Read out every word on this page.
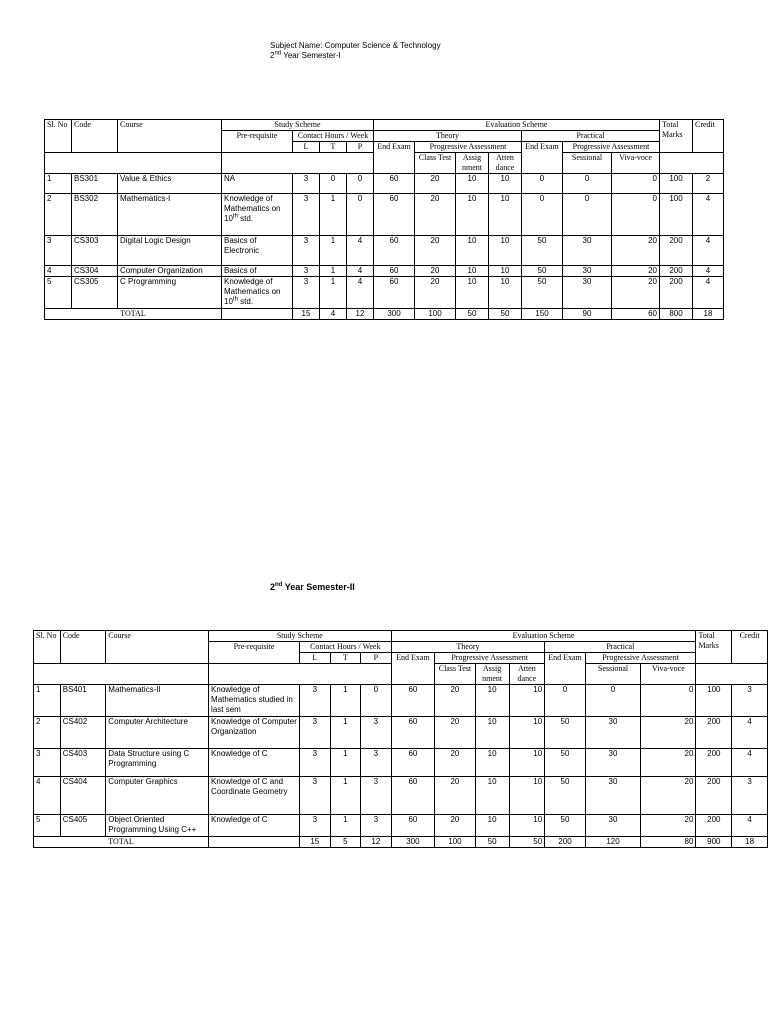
Subject Name: Computer Science & Technology
2nd Year Semester-I
2nd Year Semester-II
Sl. No	Code	Course	Study Scheme				Evaluation Scheme							Total Marks	Credit
			Pre-requisite	Contact Hours / Week			Theory				Practical				
				L	T	P	End Exam	Progressive Assessment			End Exam	Progressive Assessment			
								Class Test	Assig nment	Atten dance		Sessional	Viva-voce		
1	BS301	Value & Ethics	NA	3	0	0	60	20	10	10	0	0	0	100	2
2	BS302	Mathematics-I	Knowledge of Mathematics on 10th std.	3	1	0	60	20	10	10	0	0	0	100	4
3	CS303	Digital Logic Design	Basics of Electronic	3	1	4	60	20	10	10	50	30	20	200	4
4	CS304	Computer Organization	Basics of	3	1	4	60	20	10	10	50	30	20	200	4
5	CS305	C Programming	Knowledge of Mathematics on 10th std.	3	1	4	60	20	10	10	50	30	20	200	4
TOTAL				15	4	12	300	100	50	50	150	90	60	800	18
Sl. No	Code	Course	Study Scheme				Evaluation Scheme							Total Marks	Credit
			Pre-requisite	Contact Hours / Week			Theory				Practical				
				L	T	P	End Exam	Progressive Assessment			End Exam	Progressive Assessment			
								Class Test	Assig nment	Atten dance		Sessional	Viva-voce		
1	BS401	Mathematics-II	Knowledge of Mathematics studied in last sem	3	1	0	60	20	10	10	0	0	0	100	3
2	CS402	Computer Architecture	Knowledge of Computer Organization	3	1	3	60	20	10	10	50	30	20	200	4
3	CS403	Data Structure using C Programming	Knowledge of C	3	1	3	60	20	10	10	50	30	20	200	4
4	CS404	Computer Graphics	Knowledge of C and Coordinate Geometry	3	1	3	60	20	10	10	50	30	20	200	3
5	CS405	Object Oriented Programming Using C++	Knowledge of C	3	1	3	60	20	10	10	50	30	20	200	4
TOTAL				15	5	12	300	100	50	50	200	120	80	900	18
